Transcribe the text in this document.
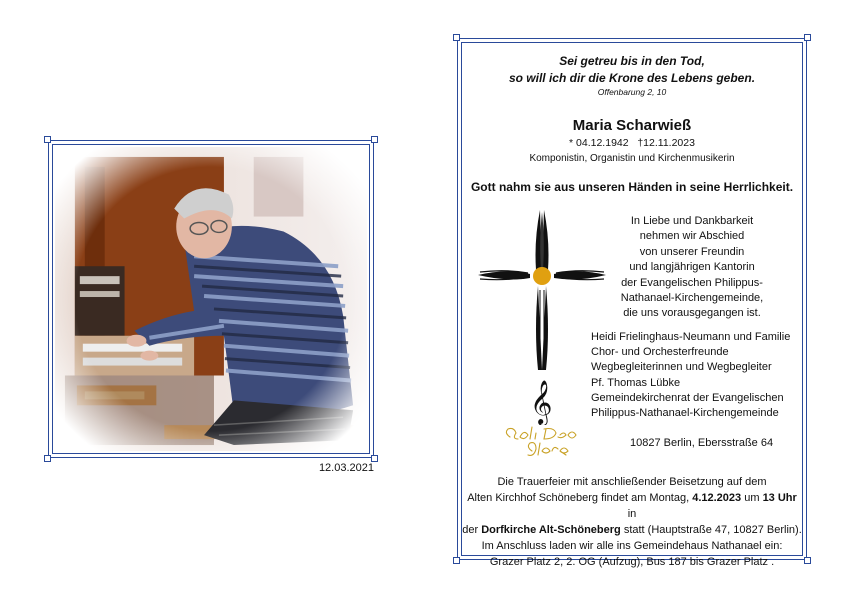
12.03.2021
Sei getreu bis in den Tod,
so will ich dir die Krone des Lebens geben.
Offenbarung 2, 10
Maria Scharwieß
* 04.12.1942   †12.11.2023
Komponistin, Organistin und Kirchenmusikerin
Gott nahm sie aus unseren Händen in seine Herrlichkeit.
𝄞
In Liebe und Dankbarkeit
nehmen wir Abschied
von unserer Freundin
und langjährigen Kantorin
der Evangelischen Philippus-
Nathanael-Kirchengemeinde,
die uns vorausgegangen ist.
Heidi Frielinghaus-Neumann und Familie
Chor- und Orchesterfreunde
Wegbegleiterinnen und Wegbegleiter
Pf. Thomas Lübke
Gemeindekirchenrat der Evangelischen
Philippus-Nathanael-Kirchengemeinde
10827 Berlin, Ebersstraße 64
Die Trauerfeier mit anschließender Beisetzung auf dem
Alten Kirchhof Schöneberg findet am Montag, 4.12.2023 um 13 Uhr in
der Dorfkirche Alt-Schöneberg statt (Hauptstraße 47, 10827 Berlin).
Im Anschluss laden wir alle ins Gemeindehaus Nathanael ein:
Grazer Platz 2, 2. OG (Aufzug), Bus 187 bis Grazer Platz .
